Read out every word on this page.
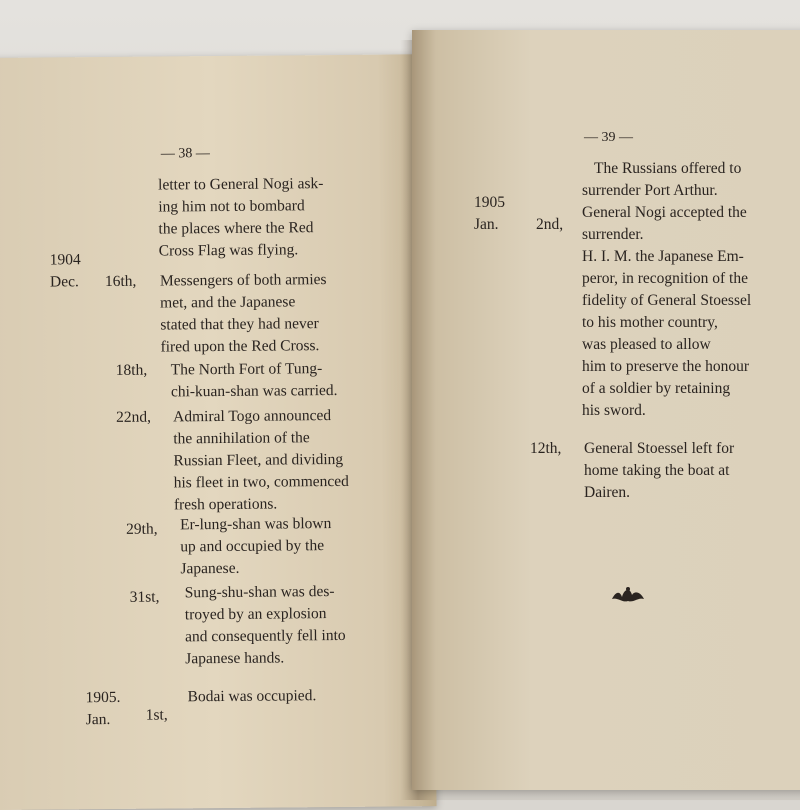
— 38 —
letter to General Nogi ask-
ing him not to bombard
the places where the Red
Cross Flag was flying.
1904
Dec. 16th, Messengers of both armies
met, and the Japanese
stated that they had never
fired upon the Red Cross.
18th, The North Fort of Tung-
chi-kuan-shan was carried.
22nd, Admiral Togo announced
the annihilation of the
Russian Fleet, and dividing
his fleet in two, commenced
fresh operations.
29th, Er-lung-shan was blown
up and occupied by the
Japanese.
31st, Sung-shu-shan was des-
troyed by an explosion
and consequently fell into
Japanese hands.
1905.
Jan. 1st,
Bodai was occupied.
— 39 —
The Russians offered to
surrender Port Arthur.
1905
Jan. 2nd,
General Nogi accepted the
surrender.
H. I. M. the Japanese Em-
peror, in recognition of the
fidelity of General Stoessel
to his mother country,
was pleased to allow
him to preserve the honour
of a soldier by retaining
his sword.
12th, General Stoessel left for
home taking the boat at
Dairen.
